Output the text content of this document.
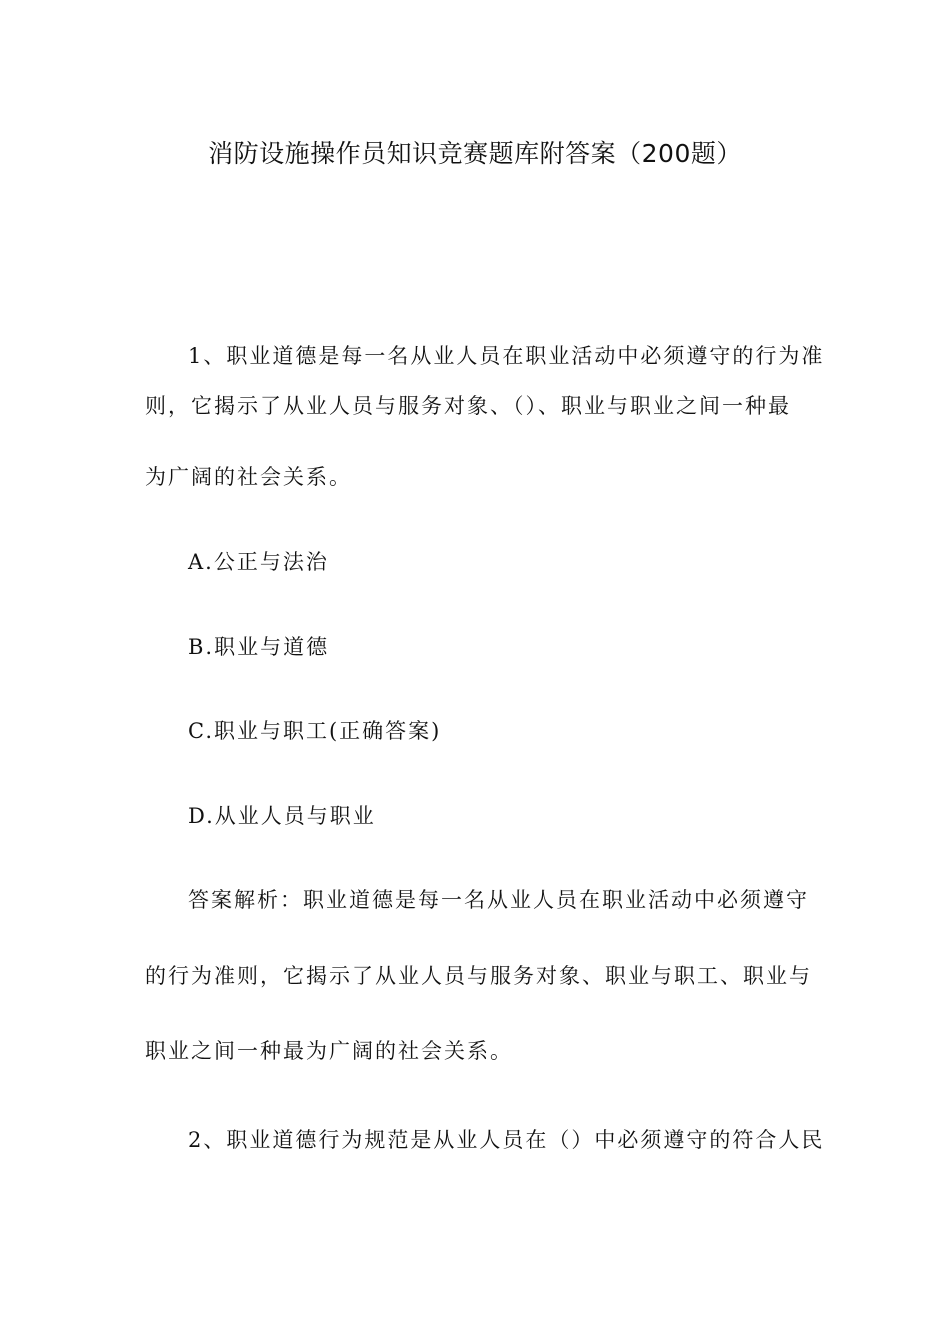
消防设施操作员知识竞赛题库附答案（200题）
1、职业道德是每一名从业人员在职业活动中必须遵守的行为准
则，它揭示了从业人员与服务对象、（）、职业与职业之间一种最
为广阔的社会关系。
A.公正与法治
B.职业与道德
C.职业与职工(正确答案)
D.从业人员与职业
答案解析：职业道德是每一名从业人员在职业活动中必须遵守
的行为准则，它揭示了从业人员与服务对象、职业与职工、职业与
职业之间一种最为广阔的社会关系。
2、职业道德行为规范是从业人员在（）中必须遵守的符合人民
